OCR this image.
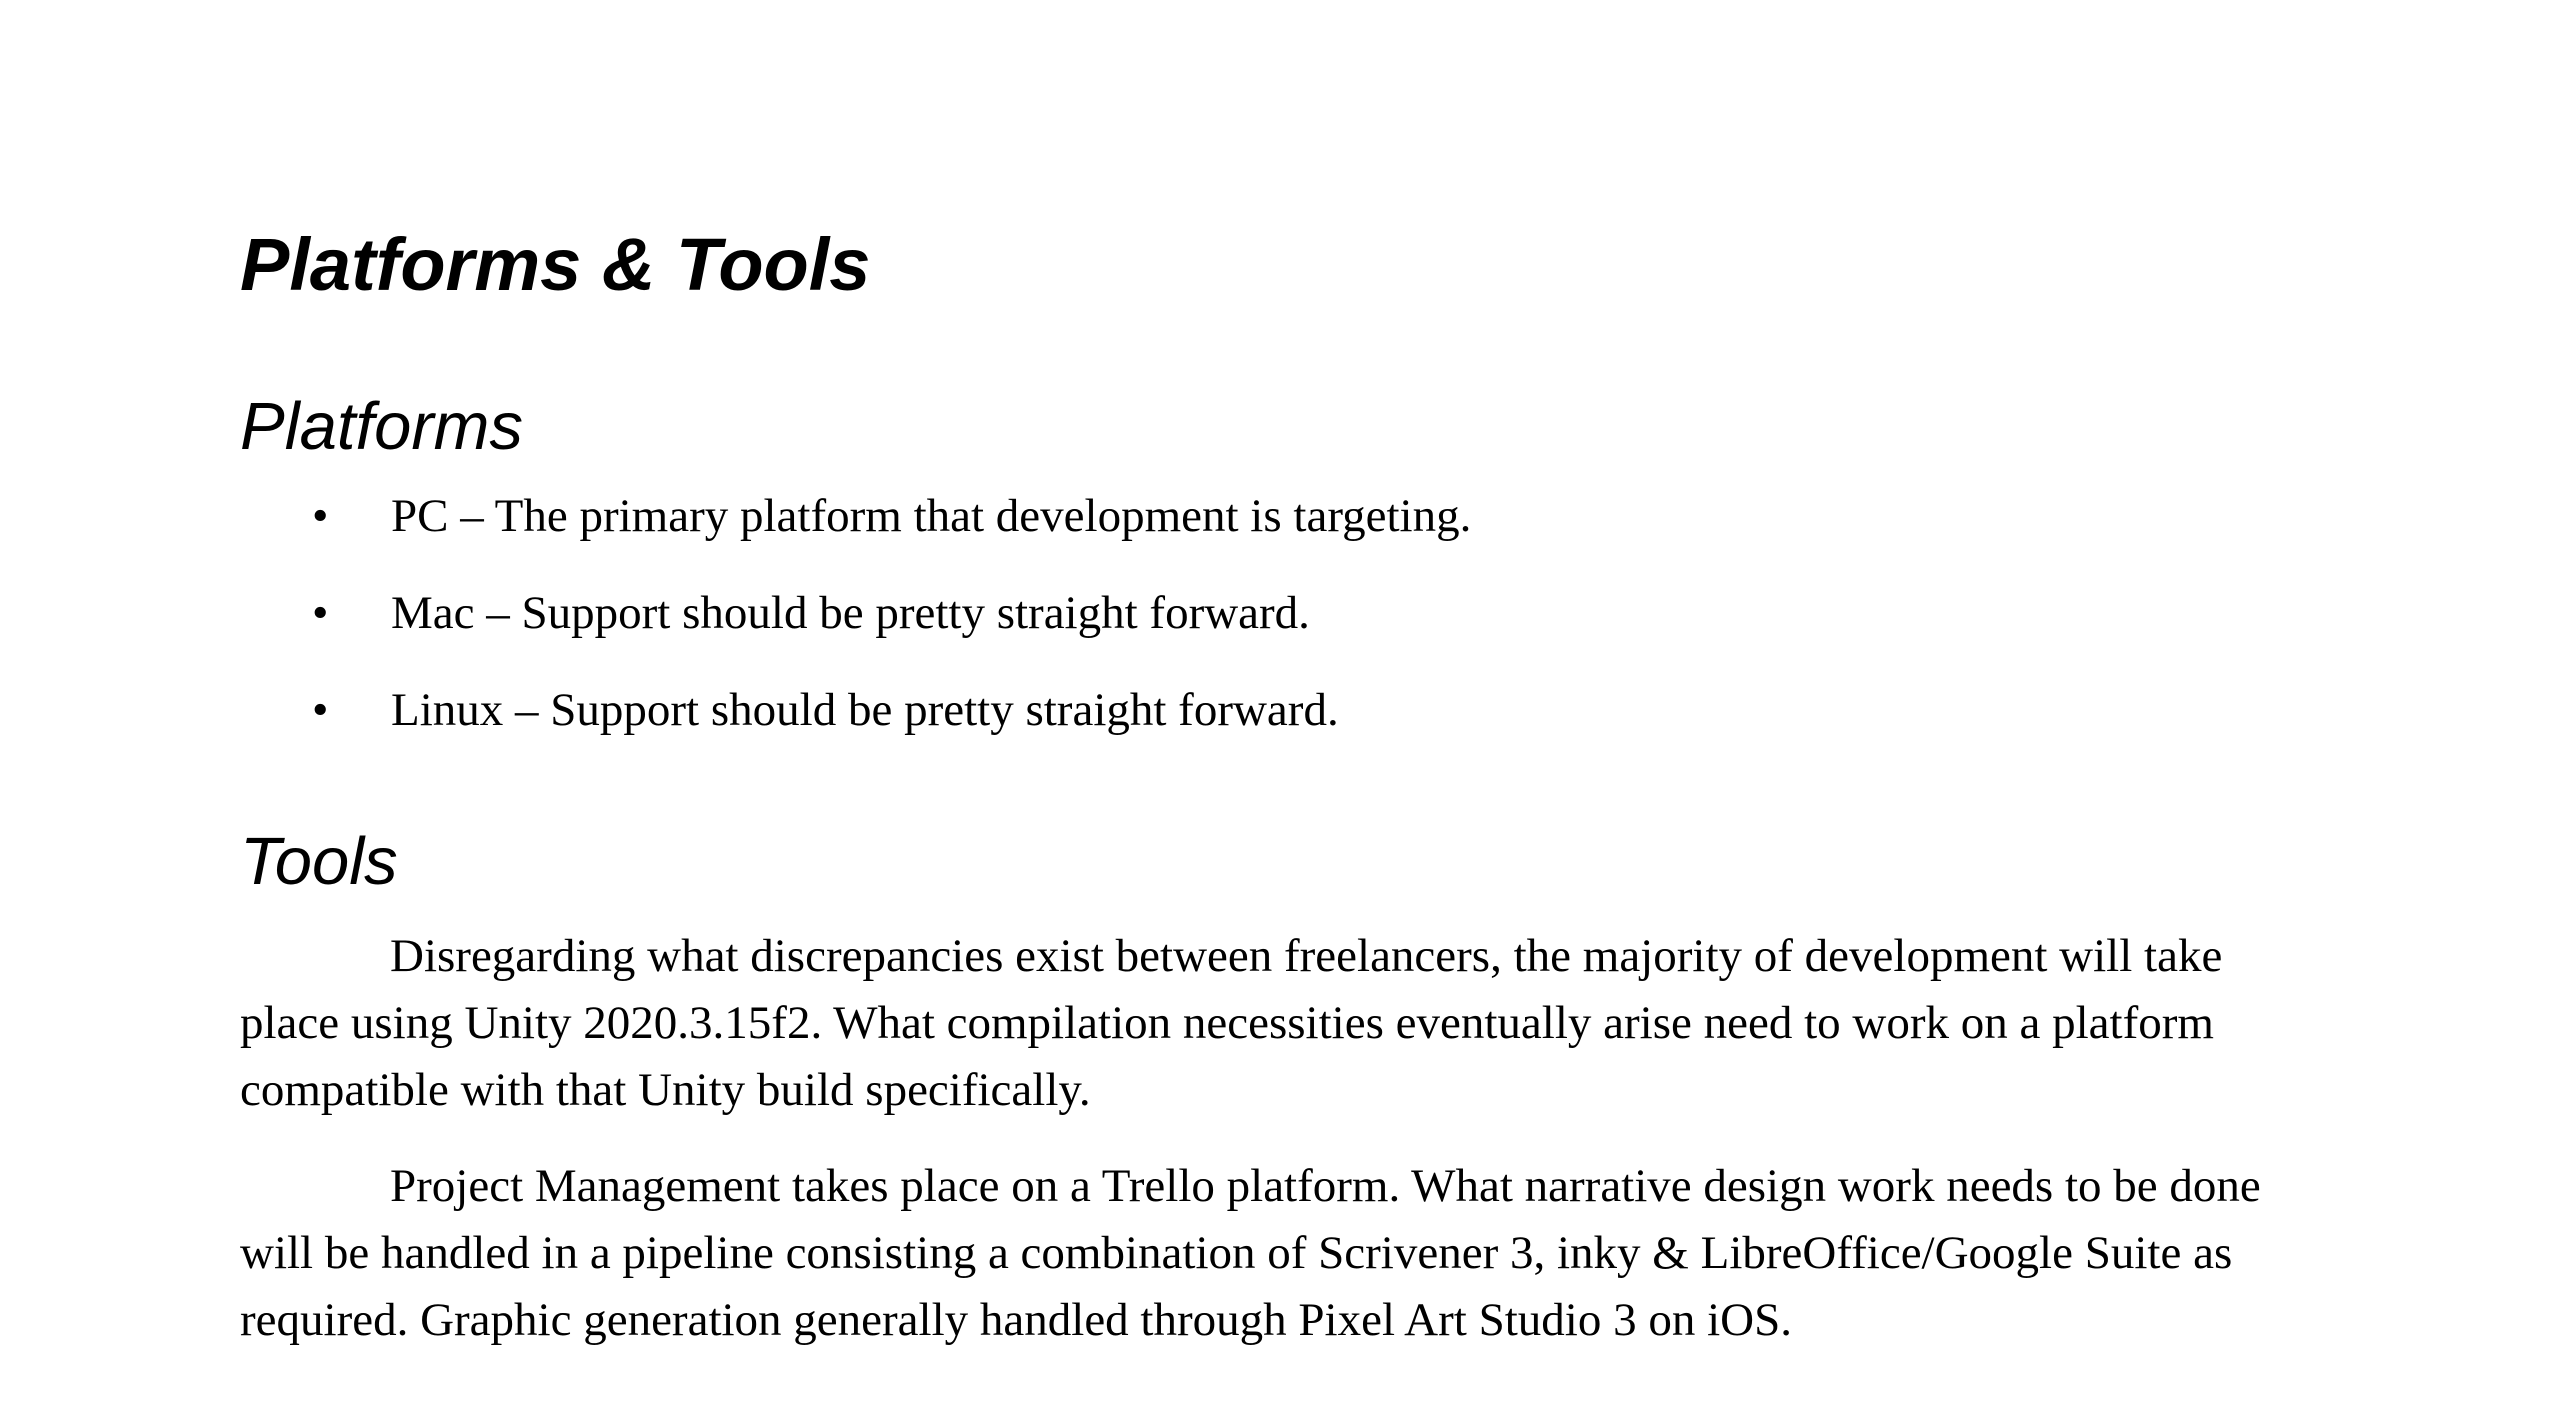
Platforms & Tools
Platforms
• PC – The primary platform that development is targeting.
• Mac – Support should be pretty straight forward.
• Linux – Support should be pretty straight forward.
Tools

Disregarding what discrepancies exist between freelancers, the majority of development will take place using Unity 2020.3.15f2. What compilation necessities eventually arise need to work on a platform compatible with that Unity build specifically.

Project Management takes place on a Trello platform. What narrative design work needs to be done will be handled in a pipeline consisting a combination of Scrivener 3, inky & LibreOffice/Google Suite as required. Graphic generation generally handled through Pixel Art Studio 3 on iOS.
